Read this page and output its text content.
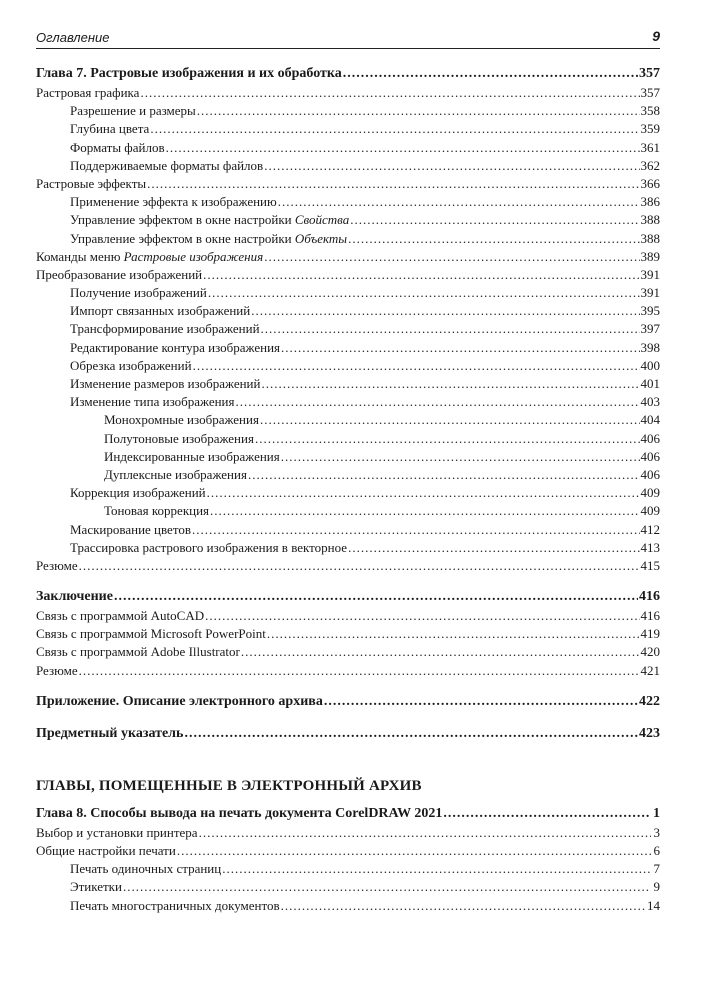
Оглавление	9
Глава 7. Растровые изображения и их обработка .....	357
Растровая графика .....	357
Разрешение и размеры .....	358
Глубина цвета .....	359
Форматы файлов .....	361
Поддерживаемые форматы файлов .....	362
Растровые эффекты .....	366
Применение эффекта к изображению .....	386
Управление эффектом в окне настройки Свойства .....	388
Управление эффектом в окне настройки Объекты .....	388
Команды меню Растровые изображения .....	389
Преобразование изображений .....	391
Получение изображений .....	391
Импорт связанных изображений .....	395
Трансформирование изображений .....	397
Редактирование контура изображения .....	398
Обрезка изображений .....	400
Изменение размеров изображений .....	401
Изменение типа изображения .....	403
Монохромные изображения .....	404
Полутоновые изображения .....	406
Индексированные изображения .....	406
Дуплексные изображения .....	406
Коррекция изображений .....	409
Тоновая коррекция .....	409
Маскирование цветов .....	412
Трассировка растрового изображения в векторное .....	413
Резюме .....	415
Заключение .....	416
Связь с программой AutoCAD .....	416
Связь с программой Microsoft PowerPoint .....	419
Связь с программой Adobe Illustrator .....	420
Резюме .....	421
Приложение. Описание электронного архива .....	422
Предметный указатель .....	423
ГЛАВЫ, ПОМЕЩЕННЫЕ В ЭЛЕКТРОННЫЙ АРХИВ
Глава 8. Способы вывода на печать документа CorelDRAW 2021 .....	1
Выбор и установки принтера .....	3
Общие настройки печати .....	6
Печать одиночных страниц .....	7
Этикетки .....	9
Печать многостраничных документов .....	14
